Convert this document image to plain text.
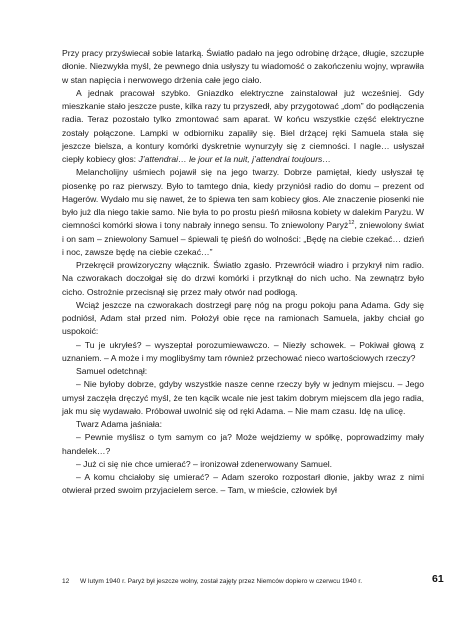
Przy pracy przyświecał sobie latarką. Światło padało na jego odrobinę drżące, długie, szczupłe dłonie. Niezwykła myśl, że pewnego dnia usłyszy tu wiadomość o zakończeniu wojny, wprawiła w stan napięcia i nerwowego drżenia całe jego ciało.

A jednak pracował szybko. Gniazdko elektryczne zainstalował już wcześniej. Gdy mieszkanie stało jeszcze puste, kilka razy tu przyszedł, aby przygotować „dom” do podłączenia radia. Teraz pozostało tylko zmontować sam aparat. W końcu wszystkie część elektryczne zostały połączone. Lampki w odbiorniku zapaliły się. Biel drżącej ręki Samuela stała się jeszcze bielsza, a kontury komórki dyskretnie wynurzyły się z ciemności. I nagle… usłyszał ciepły kobiecy głos: J’attendrai… le jour et la nuit, j’attendrai toujours…

Melancholijny uśmiech pojawił się na jego twarzy. Dobrze pamiętał, kiedy usłyszał tę piosenkę po raz pierwszy. Było to tamtego dnia, kiedy przyniósł radio do domu – prezent od Hagerów. Wydało mu się nawet, że to śpiewa ten sam kobiecy głos. Ale znaczenie piosenki nie było już dla niego takie samo. Nie była to po prostu pieśń miłosna kobiety w dalekim Paryżu. W ciemności komórki słowa i tony nabrały innego sensu. To zniewolony Paryż$^{12}$, zniewolony świat i on sam – zniewolony Samuel – śpiewali tę pieśń do wolności: „Będę na ciebie czekać… dzień i noc, zawsze będę na ciebie czekać…”

Przekręcił prowizoryczny włącznik. Światło zgasło. Przewrócił wiadro i przykrył nim radio. Na czworakach doczołgał się do drzwi komórki i przytknął do nich ucho. Na zewnątrz było cicho. Ostrożnie przecisnął się przez mały otwór nad podłogą.

Wciąż jeszcze na czworakach dostrzegł parę nóg na progu pokoju pana Adama. Gdy się podniósł, Adam stał przed nim. Położył obie ręce na ramionach Samuela, jakby chciał go uspokoić:

– Tu je ukryłeś? – wyszeptał porozumiewawczo. – Niezły schowek. – Pokiwał głową z uznaniem. – A może i my moglibyśmy tam również przechować nieco wartościowych rzeczy?

Samuel odetchnął:

– Nie byłoby dobrze, gdyby wszystkie nasze cenne rzeczy były w jednym miejscu. – Jego umysł zaczęła dręczyć myśl, że ten kącik wcale nie jest takim dobrym miejscem dla jego radia, jak mu się wydawało. Próbował uwolnić się od ręki Adama. – Nie mam czasu. Idę na ulicę.

Twarz Adama jaśniała:

– Pewnie myślisz o tym samym co ja? Może wejdziemy w spółkę, poprowadzimy mały handelek…?

– Już ci się nie chce umierać? – ironizował zdenerwowany Samuel.

– A komu chciałoby się umierać? – Adam szeroko rozpostarł dłonie, jakby wraz z nimi otwierał przed swoim przyjacielem serce. – Tam, w mieście, człowiek był

12 W lutym 1940 r. Paryż był jeszcze wolny, został zajęty przez Niemców dopiero w czerwcu 1940 r.	61
